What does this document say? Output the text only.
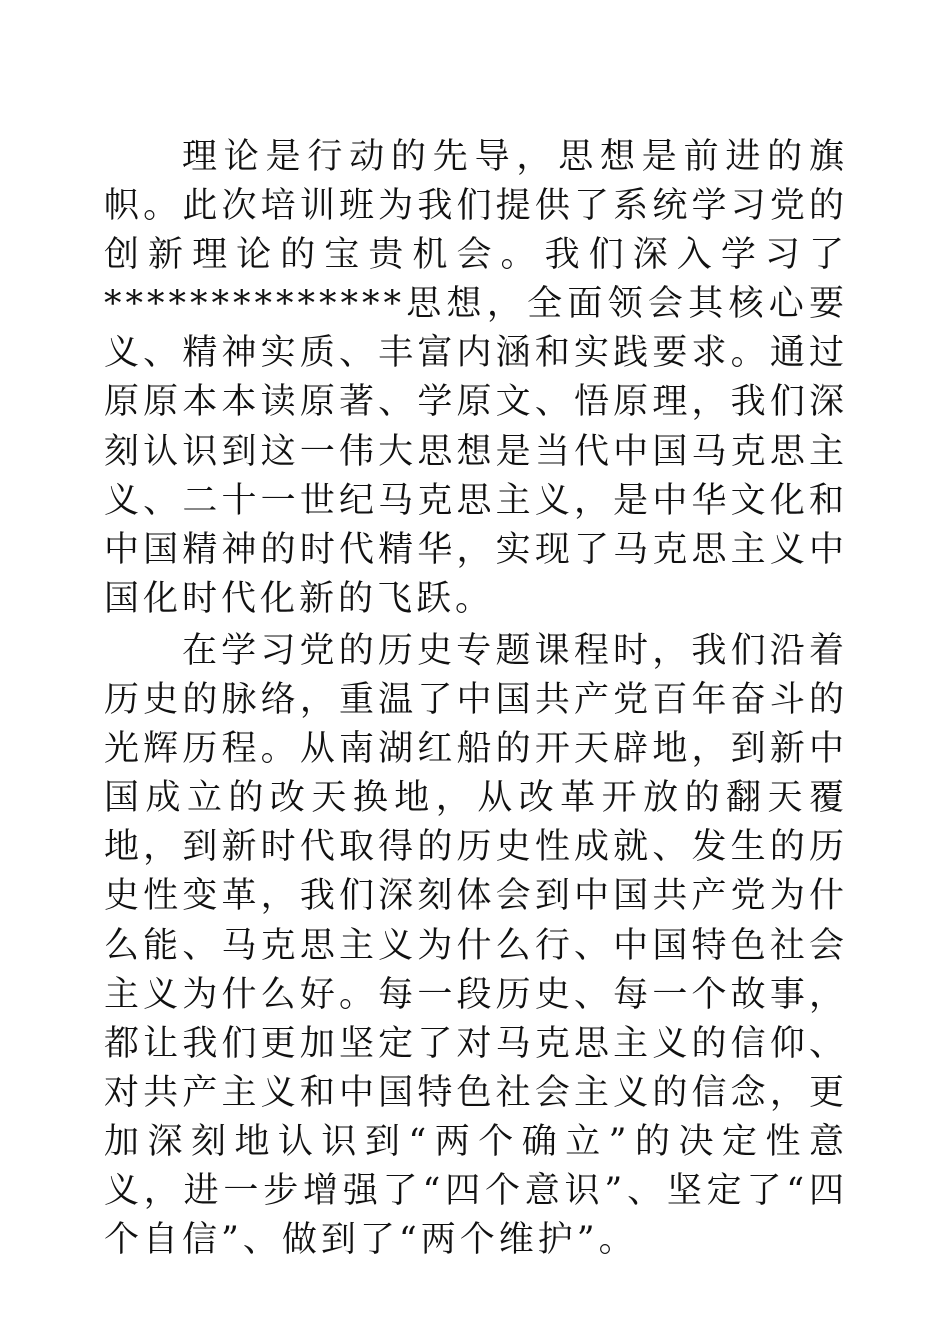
理论是行动的先导，思想是前进的旗帜。此次培训班为我们提供了系统学习党的创新理论的宝贵机会。我们深入学习了**************思想，全面领会其核心要义、精神实质、丰富内涵和实践要求。通过原原本本读原著、学原文、悟原理，我们深刻认识到这一伟大思想是当代中国马克思主义、二十一世纪马克思主义，是中华文化和中国精神的时代精华，实现了马克思主义中国化时代化新的飞跃。

在学习党的历史专题课程时，我们沿着历史的脉络，重温了中国共产党百年奋斗的光辉历程。从南湖红船的开天辟地，到新中国成立的改天换地，从改革开放的翻天覆地，到新时代取得的历史性成就、发生的历史性变革，我们深刻体会到中国共产党为什么能、马克思主义为什么行、中国特色社会主义为什么好。每一段历史、每一个故事，都让我们更加坚定了对马克思主义的信仰、对共产主义和中国特色社会主义的信念，更加深刻地认识到“两个确立”的决定性意义，进一步增强了“四个意识”、坚定了“四个自信”、做到了“两个维护”。
